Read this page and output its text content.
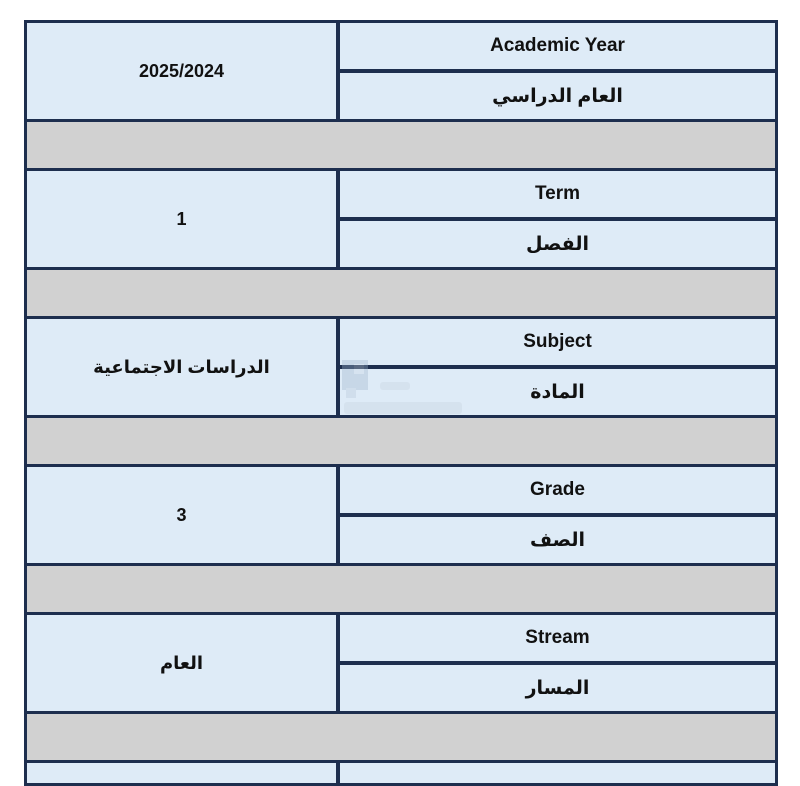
2025/2024
Academic Year
العام الدراسي
1
Term
الفصل
الدراسات الاجتماعية
Subject
المادة
3
Grade
الصف
العام
Stream
المسار
